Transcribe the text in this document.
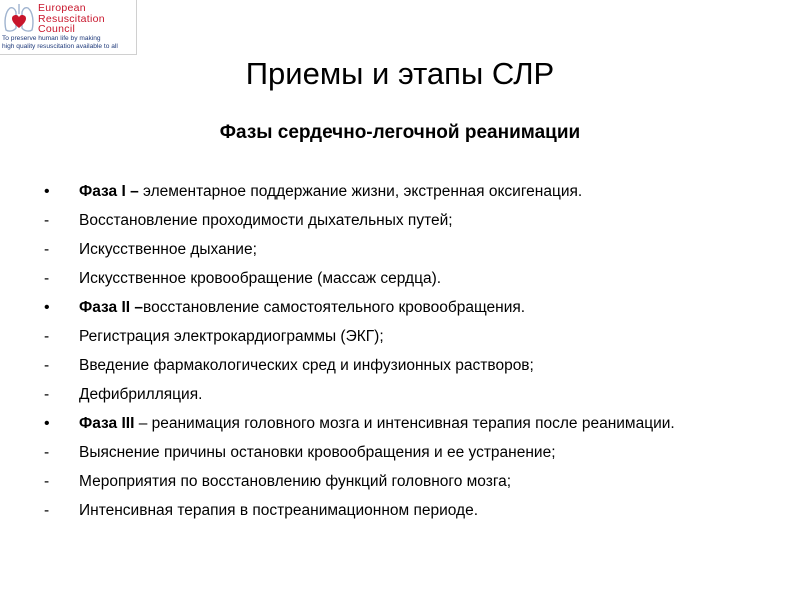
European
Resuscitation
Council
To preserve human life by making
high quality resuscitation available to all
Приемы и этапы СЛР
Фазы сердечно-легочной реанимации
•	Фаза I – элементарное поддержание жизни, экстренная оксигенация.
-	Восстановление проходимости дыхательных путей;
-	Искусственное дыхание;
-	Искусственное кровообращение (массаж сердца).
•	Фаза II –восстановление самостоятельного кровообращения.
-	Регистрация электрокардиограммы (ЭКГ);
-	Введение фармакологических сред и инфузионных растворов;
-	Дефибрилляция.
•	Фаза III – реанимация головного мозга и интенсивная терапия после реанимации.
-	Выяснение причины остановки кровообращения и ее устранение;
-	Мероприятия по восстановлению функций головного мозга;
-	Интенсивная терапия в постреанимационном периоде.
